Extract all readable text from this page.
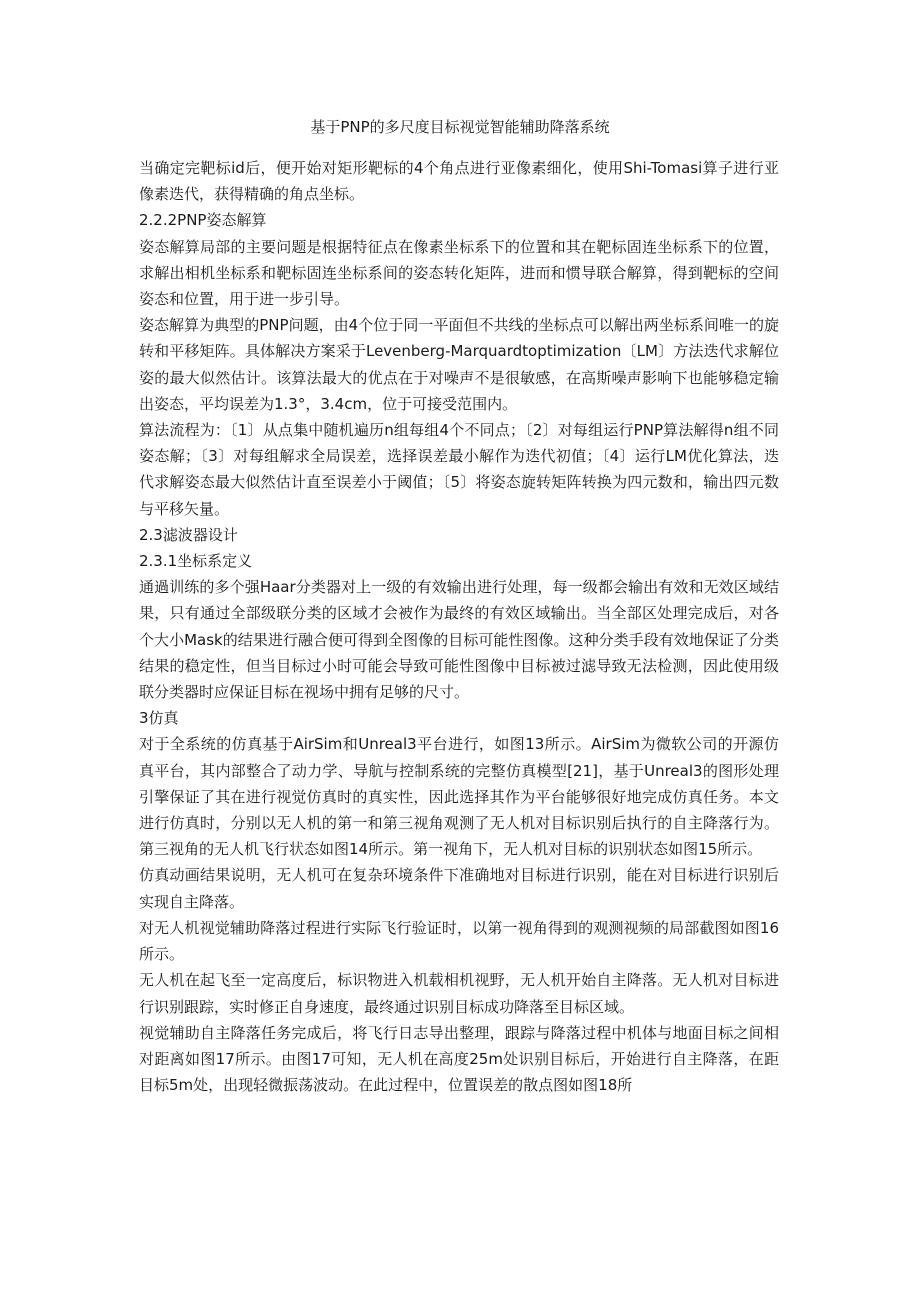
基于PNP的多尺度目标视觉智能辅助降落系统

当确定完靶标id后，便开始对矩形靶标的4个角点进行亚像素细化，使用Shi-Tomasi算子进行亚像素迭代，获得精确的角点坐标。

2.2.2PNP姿态解算

姿态解算局部的主要问题是根据特征点在像素坐标系下的位置和其在靶标固连坐标系下的位置，求解出相机坐标系和靶标固连坐标系间的姿态转化矩阵，进而和惯导联合解算，得到靶标的空间姿态和位置，用于进一步引导。

姿态解算为典型的PNP问题，由4个位于同一平面但不共线的坐标点可以解出两坐标系间唯一的旋转和平移矩阵。具体解决方案采于Levenberg-Marquardtoptimization〔LM〕方法迭代求解位姿的最大似然估计。该算法最大的优点在于对噪声不是很敏感，在高斯噪声影响下也能够稳定输出姿态，平均误差为1.3°，3.4cm，位于可接受范围内。

算法流程为：〔1〕从点集中随机遍历n组每组4个不同点；〔2〕对每组运行PNP算法解得n组不同姿态解；〔3〕对每组解求全局误差，选择误差最小解作为迭代初值；〔4〕运行LM优化算法，迭代求解姿态最大似然估计直至误差小于阈值；〔5〕将姿态旋转矩阵转换为四元数和，输出四元数与平移矢量。

2.3滤波器设计

2.3.1坐标系定义

通過训练的多个强Haar分类器对上一级的有效输出进行处理，每一级都会输出有效和无效区域结果，只有通过全部级联分类的区域才会被作为最终的有效区域输出。当全部区处理完成后，对各个大小Mask的结果进行融合便可得到全图像的目标可能性图像。这种分类手段有效地保证了分类结果的稳定性，但当目标过小时可能会导致可能性图像中目标被过滤导致无法检测，因此使用级联分类器时应保证目标在视场中拥有足够的尺寸。

3仿真

对于全系统的仿真基于AirSim和Unreal3平台进行，如图13所示。AirSim为微软公司的开源仿真平台，其内部整合了动力学、导航与控制系统的完整仿真模型[21]，基于Unreal3的图形处理引擎保证了其在进行视觉仿真时的真实性，因此选择其作为平台能够很好地完成仿真任务。本文进行仿真时，分别以无人机的第一和第三视角观测了无人机对目标识别后执行的自主降落行为。第三视角的无人机飞行状态如图14所示。第一视角下，无人机对目标的识别状态如图15所示。

仿真动画结果说明，无人机可在复杂环境条件下准确地对目标进行识别，能在对目标进行识别后实现自主降落。

对无人机视觉辅助降落过程进行实际飞行验证时，以第一视角得到的观测视频的局部截图如图16所示。

无人机在起飞至一定高度后，标识物进入机载相机视野，无人机开始自主降落。无人机对目标进行识别跟踪，实时修正自身速度，最终通过识别目标成功降落至目标区域。

视觉辅助自主降落任务完成后，将飞行日志导出整理，跟踪与降落过程中机体与地面目标之间相对距离如图17所示。由图17可知，无人机在高度25m处识别目标后，开始进行自主降落，在距目标5m处，出现轻微振荡波动。在此过程中，位置误差的散点图如图18所
